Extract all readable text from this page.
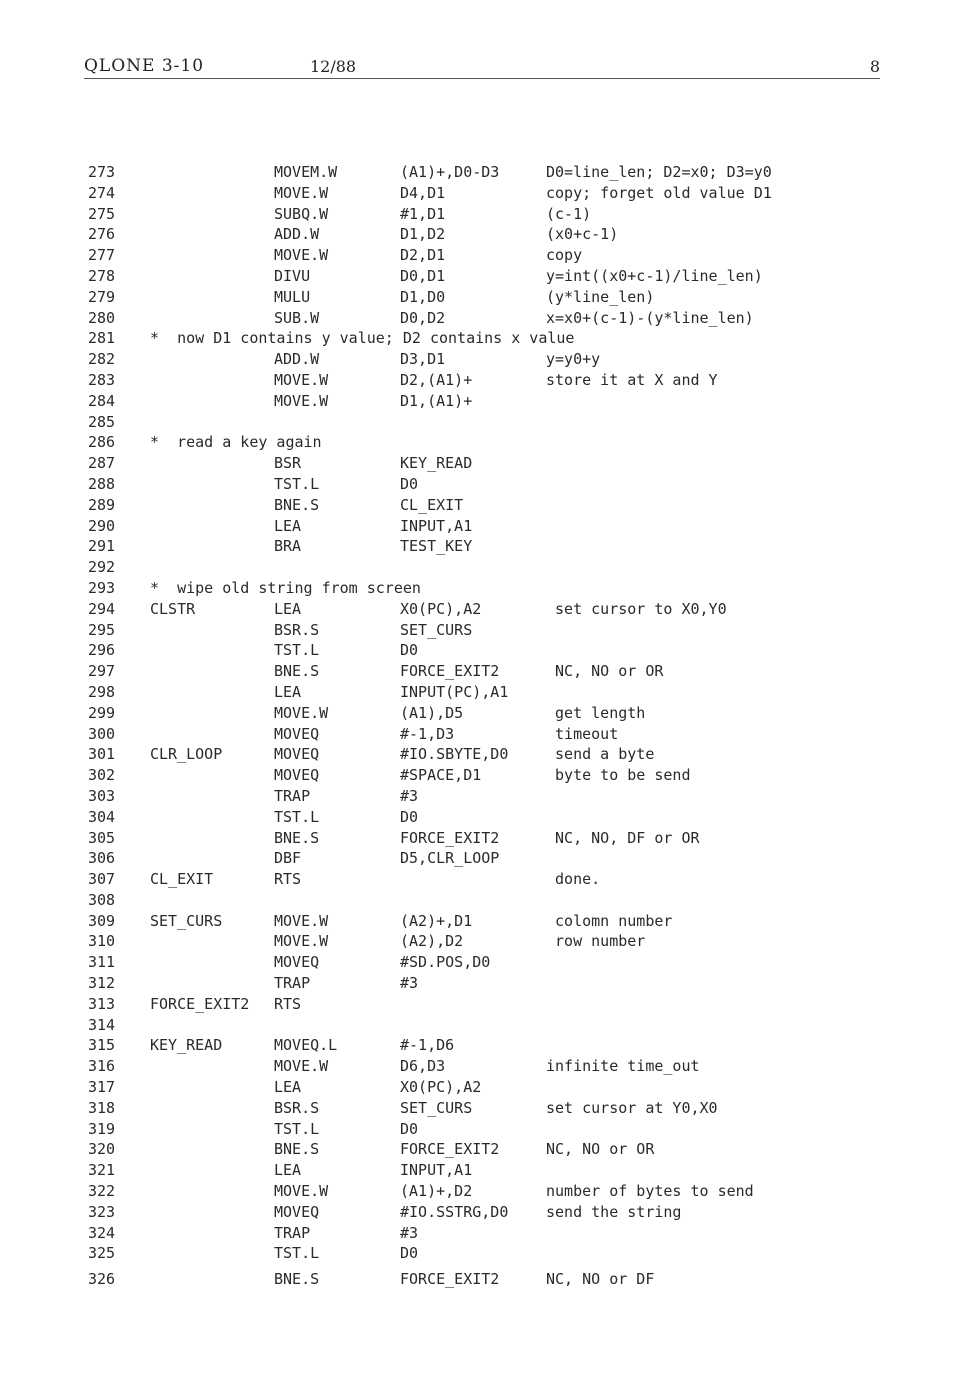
QLONE 3-10	12/88	8
273	MOVEM.W	(A1)+,D0-D3	D0=line_len; D2=x0; D3=y0
274	MOVE.W	D4,D1	copy; forget old value D1
275	SUBQ.W	#1,D1	(c-1)
276	ADD.W	D1,D2	(x0+c-1)
277	MOVE.W	D2,D1	copy
278	DIVU	D0,D1	y=int((x0+c-1)/line_len)
279	MULU	D1,D0	(y*line_len)
280	SUB.W	D0,D2	x=x0+(c-1)-(y*line_len)
281 *  now D1 contains y value; D2 contains x value
282	ADD.W	D3,D1	y=y0+y
283	MOVE.W	D2,(A1)+	store it at X and Y
284	MOVE.W	D1,(A1)+
285
286 *  read a key again
287	BSR	KEY_READ
288	TST.L	D0
289	BNE.S	CL_EXIT
290	LEA	INPUT,A1
291	BRA	TEST_KEY
292
293 *  wipe old string from screen
294 CLSTR	LEA	X0(PC),A2	set cursor to X0,Y0
295	BSR.S	SET_CURS
296	TST.L	D0
297	BNE.S	FORCE_EXIT2	NC, NO or OR
298	LEA	INPUT(PC),A1
299	MOVE.W	(A1),D5	get length
300	MOVEQ	#-1,D3	timeout
301 CLR_LOOP	MOVEQ	#IO.SBYTE,D0	send a byte
302	MOVEQ	#SPACE,D1	byte to be send
303	TRAP	#3
304	TST.L	D0
305	BNE.S	FORCE_EXIT2	NC, NO, DF or OR
306	DBF	D5,CLR_LOOP
307 CL_EXIT	RTS	done.
308
309 SET_CURS	MOVE.W	(A2)+,D1	colomn number
310	MOVE.W	(A2),D2	row number
311	MOVEQ	#SD.POS,D0
312	TRAP	#3
313 FORCE_EXIT2 RTS
314
315 KEY_READ	MOVEQ.L	#-1,D6
316	MOVE.W	D6,D3	infinite time_out
317	LEA	X0(PC),A2
318	BSR.S	SET_CURS	set cursor at Y0,X0
319	TST.L	D0
320	BNE.S	FORCE_EXIT2	NC, NO or OR
321	LEA	INPUT,A1
322	MOVE.W	(A1)+,D2	number of bytes to send
323	MOVEQ	#IO.SSTRG,D0	send the string
324	TRAP	#3
325	TST.L	D0
326	BNE.S	FORCE_EXIT2	NC, NO or DF
